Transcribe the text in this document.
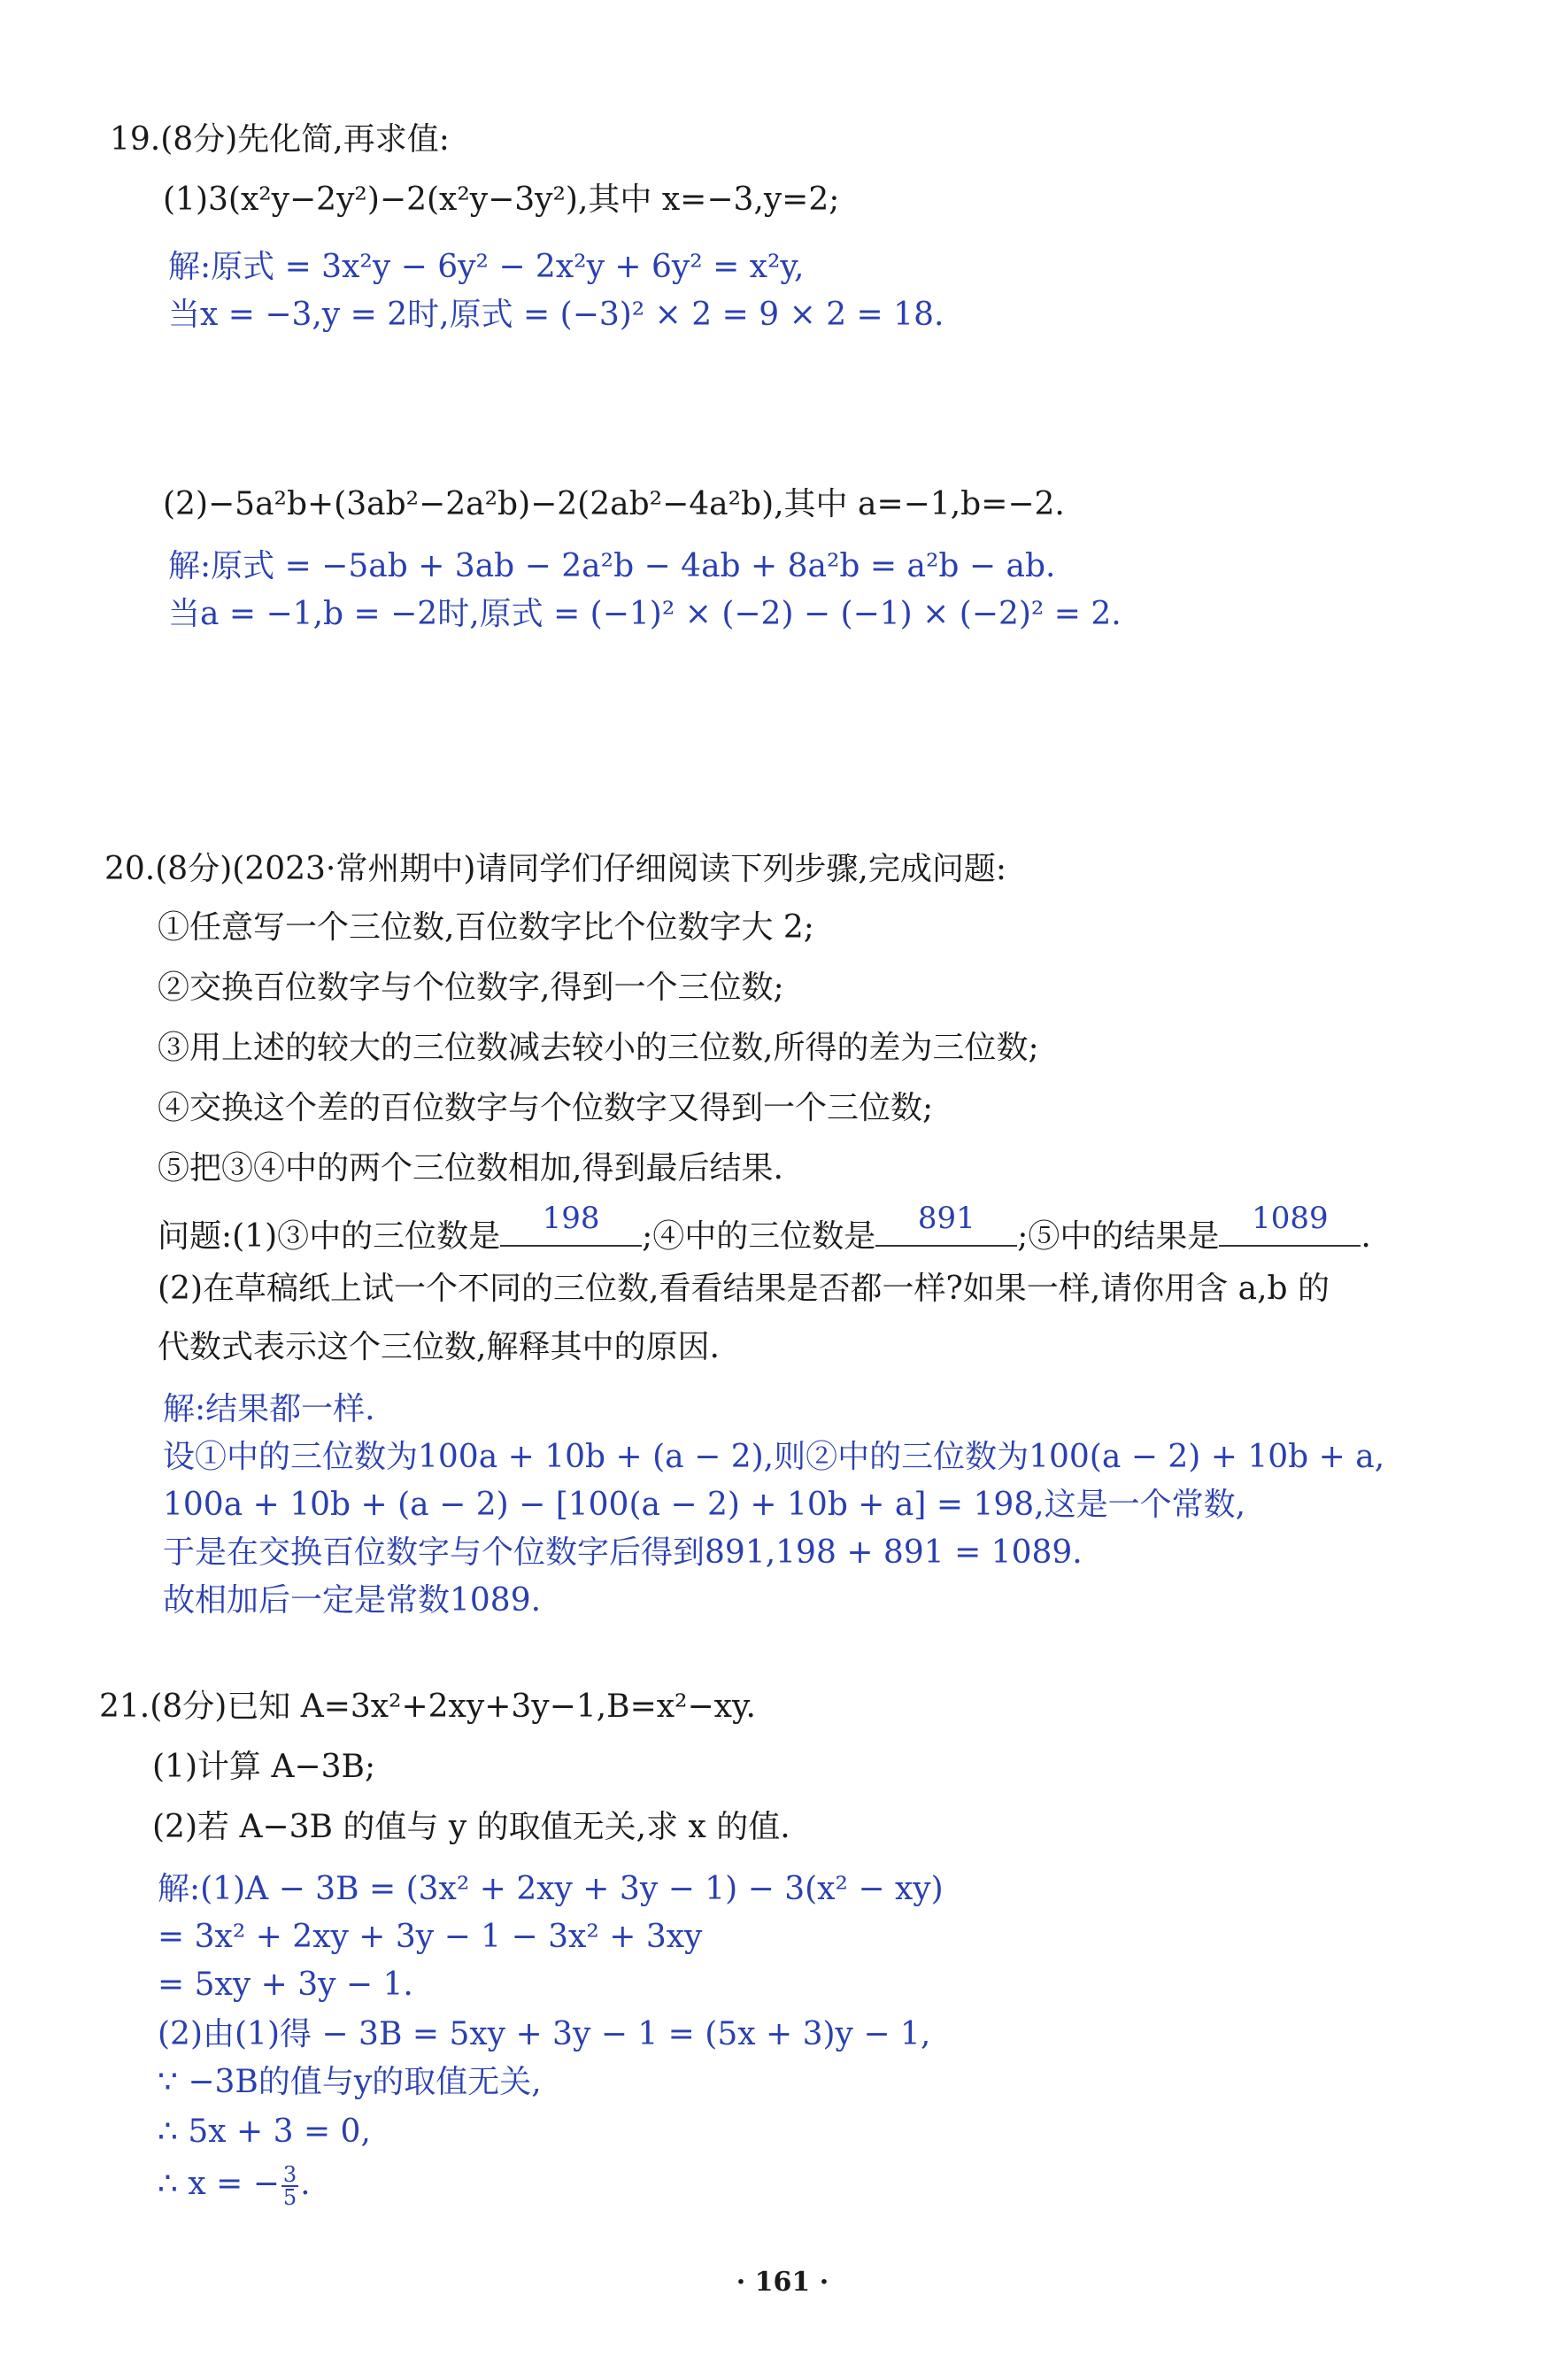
19.(8分)先化简,再求值:
(1)3(x²y−2y²)−2(x²y−3y²),其中 x=−3,y=2;
解:原式 = 3x²y − 6y² − 2x²y + 6y² = x²y,
当x = −3,y = 2时,原式 = (−3)² × 2 = 9 × 2 = 18.
(2)−5a²b+(3ab²−2a²b)−2(2ab²−4a²b),其中 a=−1,b=−2.
解:原式 = −5ab + 3ab − 2a²b − 4ab + 8a²b = a²b − ab.
当a = −1,b = −2时,原式 = (−1)² × (−2) − (−1) × (−2)² = 2.
20.(8分)(2023·常州期中)请同学们仔细阅读下列步骤,完成问题:
①任意写一个三位数,百位数字比个位数字大 2;
②交换百位数字与个位数字,得到一个三位数;
③用上述的较大的三位数减去较小的三位数,所得的差为三位数;
④交换这个差的百位数字与个位数字又得到一个三位数;
⑤把③④中的两个三位数相加,得到最后结果.
问题:(1)③中的三位数是	198	;④中的三位数是	891	;⑤中的结果是	1089	.
(2)在草稿纸上试一个不同的三位数,看看结果是否都一样?如果一样,请你用含 a,b 的
代数式表示这个三位数,解释其中的原因.
解:结果都一样.
设①中的三位数为100a + 10b + (a − 2),则②中的三位数为100(a − 2) + 10b + a,
100a + 10b + (a − 2) − [100(a − 2) + 10b + a] = 198,这是一个常数,
于是在交换百位数字与个位数字后得到891,198 + 891 = 1089.
故相加后一定是常数1089.
21.(8分)已知 A=3x²+2xy+3y−1,B=x²−xy.
(1)计算 A−3B;
(2)若 A−3B 的值与 y 的取值无关,求 x 的值.
解:(1)A − 3B = (3x² + 2xy + 3y − 1) − 3(x² − xy)
= 3x² + 2xy + 3y − 1 − 3x² + 3xy
= 5xy + 3y − 1.
(2)由(1)得 − 3B = 5xy + 3y − 1 = (5x + 3)y − 1,
∵ −3B的值与y的取值无关,
∴ 5x + 3 = 0,
∴ x = − $\frac{3}{5}$ .
· 161 ·
